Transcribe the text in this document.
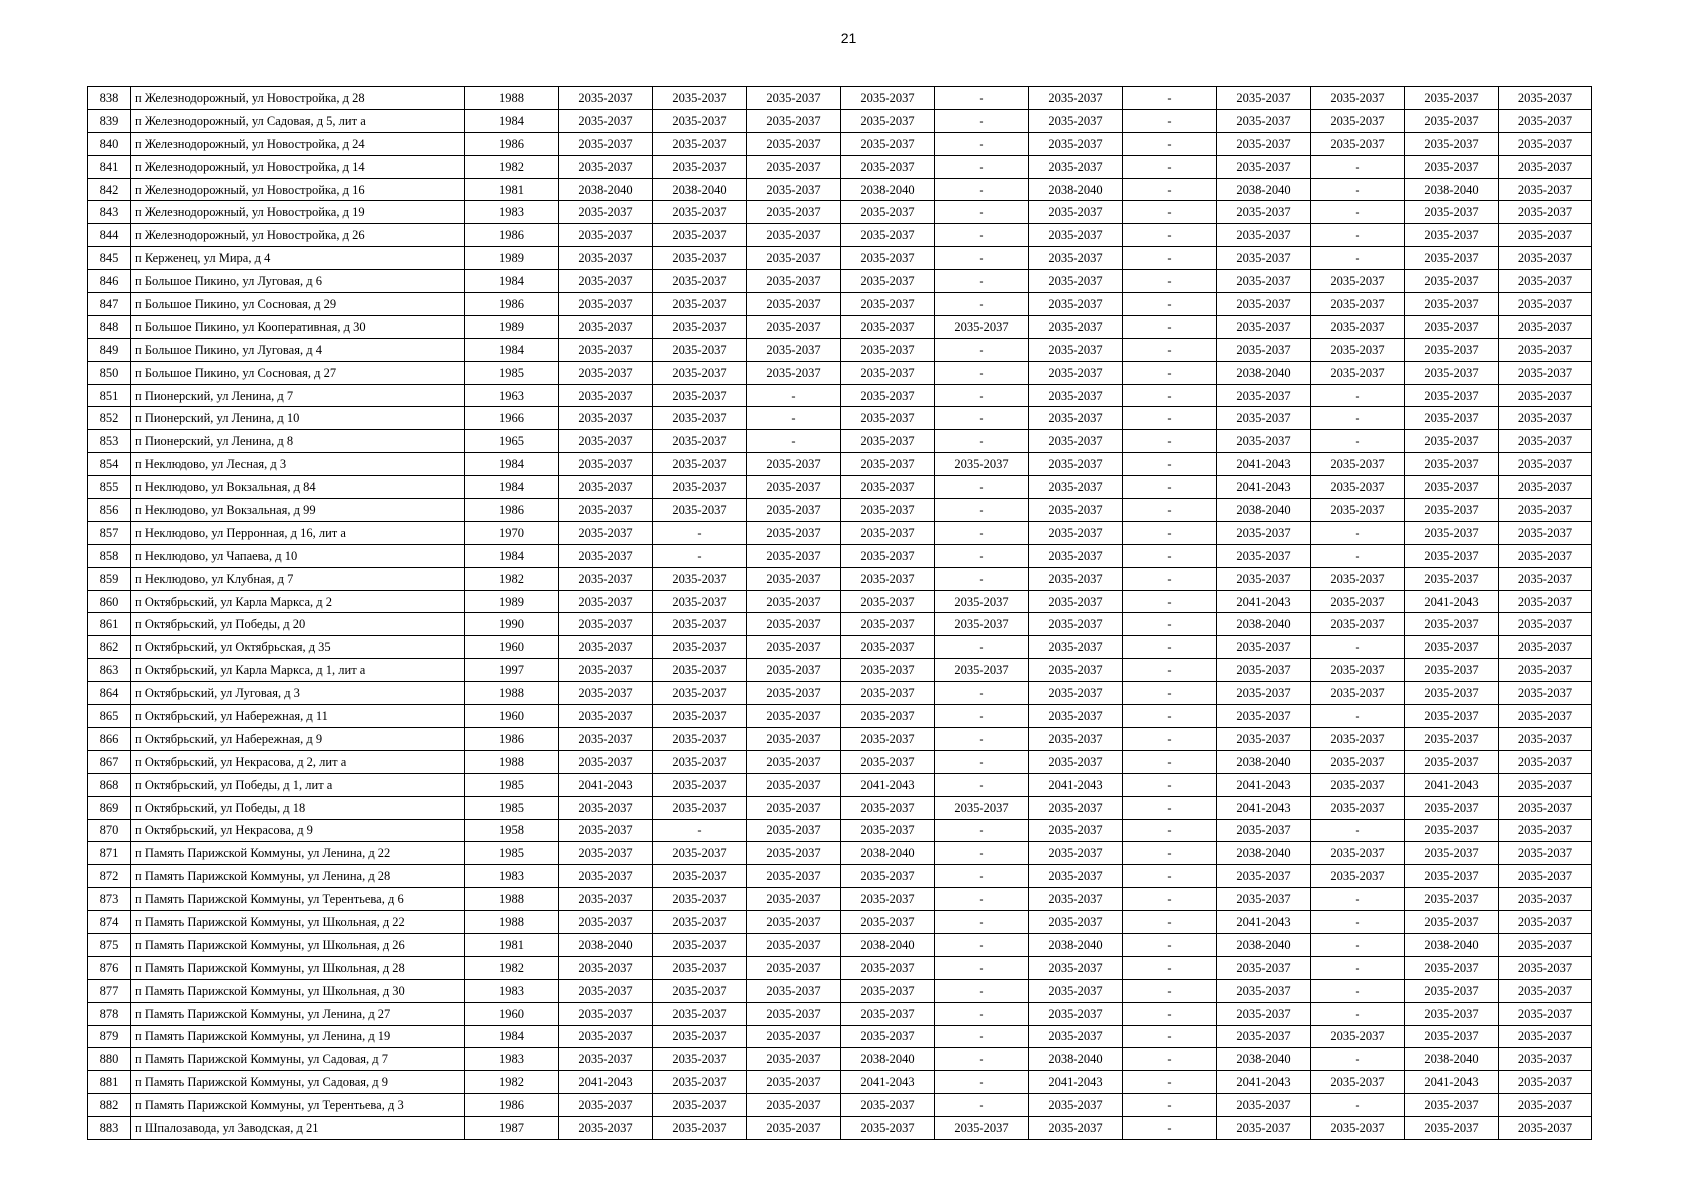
21
838	п Железнодорожный, ул Новостройка, д 28	1988	2035-2037	2035-2037	2035-2037	2035-2037	-	2035-2037	-	2035-2037	2035-2037	2035-2037	2035-2037
839	п Железнодорожный, ул Садовая, д 5, лит а	1984	2035-2037	2035-2037	2035-2037	2035-2037	-	2035-2037	-	2035-2037	2035-2037	2035-2037	2035-2037
840	п Железнодорожный, ул Новостройка, д 24	1986	2035-2037	2035-2037	2035-2037	2035-2037	-	2035-2037	-	2035-2037	2035-2037	2035-2037	2035-2037
841	п Железнодорожный, ул Новостройка, д 14	1982	2035-2037	2035-2037	2035-2037	2035-2037	-	2035-2037	-	2035-2037	-	2035-2037	2035-2037
842	п Железнодорожный, ул Новостройка, д 16	1981	2038-2040	2038-2040	2035-2037	2038-2040	-	2038-2040	-	2038-2040	-	2038-2040	2035-2037
843	п Железнодорожный, ул Новостройка, д 19	1983	2035-2037	2035-2037	2035-2037	2035-2037	-	2035-2037	-	2035-2037	-	2035-2037	2035-2037
844	п Железнодорожный, ул Новостройка, д 26	1986	2035-2037	2035-2037	2035-2037	2035-2037	-	2035-2037	-	2035-2037	-	2035-2037	2035-2037
845	п Керженец, ул Мира, д 4	1989	2035-2037	2035-2037	2035-2037	2035-2037	-	2035-2037	-	2035-2037	-	2035-2037	2035-2037
846	п Большое Пикино, ул Луговая, д 6	1984	2035-2037	2035-2037	2035-2037	2035-2037	-	2035-2037	-	2035-2037	2035-2037	2035-2037	2035-2037
847	п Большое Пикино, ул Сосновая, д 29	1986	2035-2037	2035-2037	2035-2037	2035-2037	-	2035-2037	-	2035-2037	2035-2037	2035-2037	2035-2037
848	п Большое Пикино, ул Кооперативная, д 30	1989	2035-2037	2035-2037	2035-2037	2035-2037	2035-2037	2035-2037	-	2035-2037	2035-2037	2035-2037	2035-2037
849	п Большое Пикино, ул Луговая, д 4	1984	2035-2037	2035-2037	2035-2037	2035-2037	-	2035-2037	-	2035-2037	2035-2037	2035-2037	2035-2037
850	п Большое Пикино, ул Сосновая, д 27	1985	2035-2037	2035-2037	2035-2037	2035-2037	-	2035-2037	-	2038-2040	2035-2037	2035-2037	2035-2037
851	п Пионерский, ул Ленина, д 7	1963	2035-2037	2035-2037	-	2035-2037	-	2035-2037	-	2035-2037	-	2035-2037	2035-2037
852	п Пионерский, ул Ленина, д 10	1966	2035-2037	2035-2037	-	2035-2037	-	2035-2037	-	2035-2037	-	2035-2037	2035-2037
853	п Пионерский, ул Ленина, д 8	1965	2035-2037	2035-2037	-	2035-2037	-	2035-2037	-	2035-2037	-	2035-2037	2035-2037
854	п Неклюдово, ул Лесная, д 3	1984	2035-2037	2035-2037	2035-2037	2035-2037	2035-2037	2035-2037	-	2041-2043	2035-2037	2035-2037	2035-2037
855	п Неклюдово, ул Вокзальная, д 84	1984	2035-2037	2035-2037	2035-2037	2035-2037	-	2035-2037	-	2041-2043	2035-2037	2035-2037	2035-2037
856	п Неклюдово, ул Вокзальная, д 99	1986	2035-2037	2035-2037	2035-2037	2035-2037	-	2035-2037	-	2038-2040	2035-2037	2035-2037	2035-2037
857	п Неклюдово, ул Перронная, д 16, лит а	1970	2035-2037	-	2035-2037	2035-2037	-	2035-2037	-	2035-2037	-	2035-2037	2035-2037
858	п Неклюдово, ул Чапаева, д 10	1984	2035-2037	-	2035-2037	2035-2037	-	2035-2037	-	2035-2037	-	2035-2037	2035-2037
859	п Неклюдово, ул Клубная, д 7	1982	2035-2037	2035-2037	2035-2037	2035-2037	-	2035-2037	-	2035-2037	2035-2037	2035-2037	2035-2037
860	п Октябрьский, ул Карла Маркса, д 2	1989	2035-2037	2035-2037	2035-2037	2035-2037	2035-2037	2035-2037	-	2041-2043	2035-2037	2041-2043	2035-2037
861	п Октябрьский, ул Победы, д 20	1990	2035-2037	2035-2037	2035-2037	2035-2037	2035-2037	2035-2037	-	2038-2040	2035-2037	2035-2037	2035-2037
862	п Октябрьский, ул Октябрьская, д 35	1960	2035-2037	2035-2037	2035-2037	2035-2037	-	2035-2037	-	2035-2037	-	2035-2037	2035-2037
863	п Октябрьский, ул Карла Маркса, д 1, лит а	1997	2035-2037	2035-2037	2035-2037	2035-2037	2035-2037	2035-2037	-	2035-2037	2035-2037	2035-2037	2035-2037
864	п Октябрьский, ул Луговая, д 3	1988	2035-2037	2035-2037	2035-2037	2035-2037	-	2035-2037	-	2035-2037	2035-2037	2035-2037	2035-2037
865	п Октябрьский, ул Набережная, д 11	1960	2035-2037	2035-2037	2035-2037	2035-2037	-	2035-2037	-	2035-2037	-	2035-2037	2035-2037
866	п Октябрьский, ул Набережная, д 9	1986	2035-2037	2035-2037	2035-2037	2035-2037	-	2035-2037	-	2035-2037	2035-2037	2035-2037	2035-2037
867	п Октябрьский, ул Некрасова, д 2, лит а	1988	2035-2037	2035-2037	2035-2037	2035-2037	-	2035-2037	-	2038-2040	2035-2037	2035-2037	2035-2037
868	п Октябрьский, ул Победы, д 1, лит а	1985	2041-2043	2035-2037	2035-2037	2041-2043	-	2041-2043	-	2041-2043	2035-2037	2041-2043	2035-2037
869	п Октябрьский, ул Победы, д 18	1985	2035-2037	2035-2037	2035-2037	2035-2037	2035-2037	2035-2037	-	2041-2043	2035-2037	2035-2037	2035-2037
870	п Октябрьский, ул Некрасова, д 9	1958	2035-2037	-	2035-2037	2035-2037	-	2035-2037	-	2035-2037	-	2035-2037	2035-2037
871	п Память Парижской Коммуны, ул Ленина, д 22	1985	2035-2037	2035-2037	2035-2037	2038-2040	-	2035-2037	-	2038-2040	2035-2037	2035-2037	2035-2037
872	п Память Парижской Коммуны, ул Ленина, д 28	1983	2035-2037	2035-2037	2035-2037	2035-2037	-	2035-2037	-	2035-2037	2035-2037	2035-2037	2035-2037
873	п Память Парижской Коммуны, ул Терентьева, д 6	1988	2035-2037	2035-2037	2035-2037	2035-2037	-	2035-2037	-	2035-2037	-	2035-2037	2035-2037
874	п Память Парижской Коммуны, ул Школьная, д 22	1988	2035-2037	2035-2037	2035-2037	2035-2037	-	2035-2037	-	2041-2043	-	2035-2037	2035-2037
875	п Память Парижской Коммуны, ул Школьная, д 26	1981	2038-2040	2035-2037	2035-2037	2038-2040	-	2038-2040	-	2038-2040	-	2038-2040	2035-2037
876	п Память Парижской Коммуны, ул Школьная, д 28	1982	2035-2037	2035-2037	2035-2037	2035-2037	-	2035-2037	-	2035-2037	-	2035-2037	2035-2037
877	п Память Парижской Коммуны, ул Школьная, д 30	1983	2035-2037	2035-2037	2035-2037	2035-2037	-	2035-2037	-	2035-2037	-	2035-2037	2035-2037
878	п Память Парижской Коммуны, ул Ленина, д 27	1960	2035-2037	2035-2037	2035-2037	2035-2037	-	2035-2037	-	2035-2037	-	2035-2037	2035-2037
879	п Память Парижской Коммуны, ул Ленина, д 19	1984	2035-2037	2035-2037	2035-2037	2035-2037	-	2035-2037	-	2035-2037	2035-2037	2035-2037	2035-2037
880	п Память Парижской Коммуны, ул Садовая, д 7	1983	2035-2037	2035-2037	2035-2037	2038-2040	-	2038-2040	-	2038-2040	-	2038-2040	2035-2037
881	п Память Парижской Коммуны, ул Садовая, д 9	1982	2041-2043	2035-2037	2035-2037	2041-2043	-	2041-2043	-	2041-2043	2035-2037	2041-2043	2035-2037
882	п Память Парижской Коммуны, ул Терентьева, д 3	1986	2035-2037	2035-2037	2035-2037	2035-2037	-	2035-2037	-	2035-2037	-	2035-2037	2035-2037
883	п Шпалозавода, ул Заводская, д 21	1987	2035-2037	2035-2037	2035-2037	2035-2037	2035-2037	2035-2037	-	2035-2037	2035-2037	2035-2037	2035-2037
